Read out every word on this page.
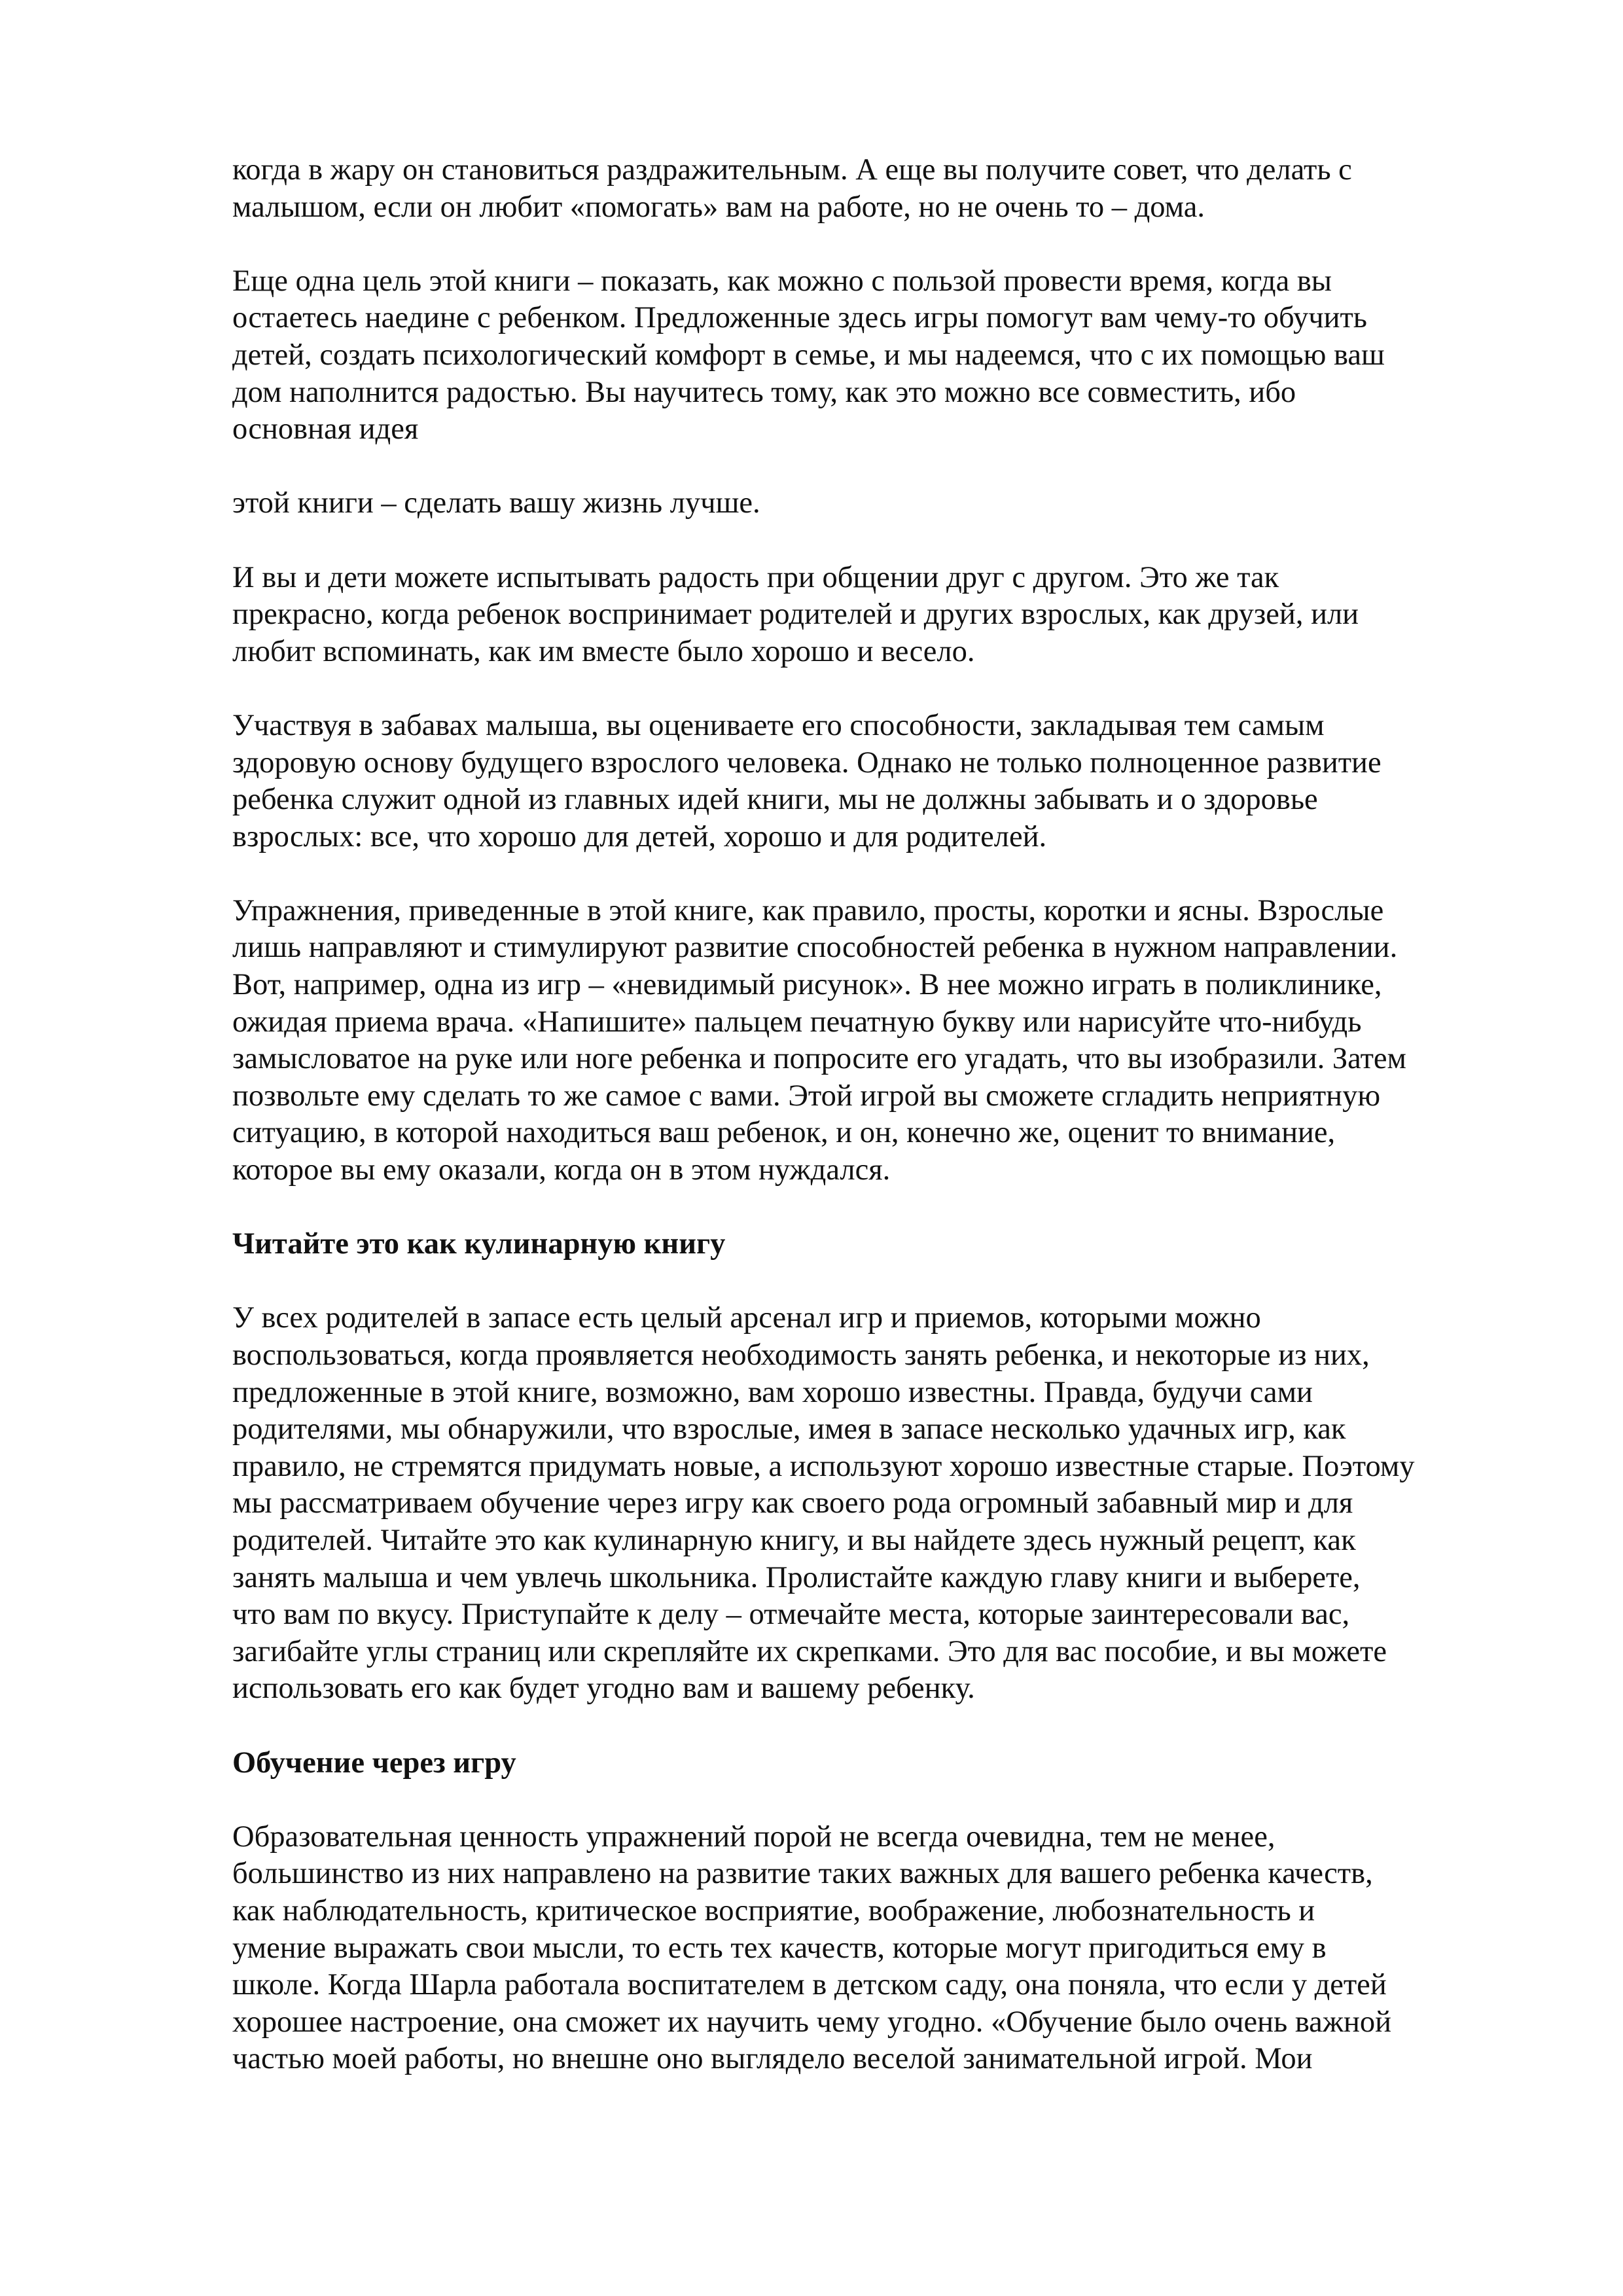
когда в жару он становиться раздражительным. А еще вы получите совет, что делать с
малышом, если он любит «помогать» вам на работе, но не очень то – дома.

Еще одна цель этой книги – показать, как можно с пользой провести время, когда вы
остаетесь наедине с ребенком. Предложенные здесь игры помогут вам чему-то обучить
детей, создать психологический комфорт в семье, и мы надеемся, что с их помощью ваш
дом наполнится радостью. Вы научитесь тому, как это можно все совместить, ибо
основная идея

этой книги – сделать вашу жизнь лучше.

И вы и дети можете испытывать радость при общении друг с другом. Это же так
прекрасно, когда ребенок воспринимает родителей и других взрослых, как друзей, или
любит вспоминать, как им вместе было хорошо и весело.

Участвуя в забавах малыша, вы оцениваете его способности, закладывая тем самым
здоровую основу будущего взрослого человека. Однако не только полноценное развитие
ребенка служит одной из главных идей книги, мы не должны забывать и о здоровье
взрослых: все, что хорошо для детей, хорошо и для родителей.

Упражнения, приведенные в этой книге, как правило, просты, коротки и ясны. Взрослые
лишь направляют и стимулируют развитие способностей ребенка в нужном направлении.
Вот, например, одна из игр – «невидимый рисунок». В нее можно играть в поликлинике,
ожидая приема врача. «Напишите» пальцем печатную букву или нарисуйте что-нибудь
замысловатое на руке или ноге ребенка и попросите его угадать, что вы изобразили. Затем
позвольте ему сделать то же самое с вами. Этой игрой вы сможете сгладить неприятную
ситуацию, в которой находиться ваш ребенок, и он, конечно же, оценит то внимание,
которое вы ему оказали, когда он в этом нуждался.

Читайте это как кулинарную книгу

У всех родителей в запасе есть целый арсенал игр и приемов, которыми можно
воспользоваться, когда проявляется необходимость занять ребенка, и некоторые из них,
предложенные в этой книге, возможно, вам хорошо известны. Правда, будучи сами
родителями, мы обнаружили, что взрослые, имея в запасе несколько удачных игр, как
правило, не стремятся придумать новые, а используют хорошо известные старые. Поэтому
мы рассматриваем обучение через игру как своего рода огромный забавный мир и для
родителей. Читайте это как кулинарную книгу, и вы найдете здесь нужный рецепт, как
занять малыша и чем увлечь школьника. Пролистайте каждую главу книги и выберете,
что вам по вкусу. Приступайте к делу – отмечайте места, которые заинтересовали вас,
загибайте углы страниц или скрепляйте их скрепками. Это для вас пособие, и вы можете
использовать его как будет угодно вам и вашему ребенку.

Обучение через игру

Образовательная ценность упражнений порой не всегда очевидна, тем не менее,
большинство из них направлено на развитие таких важных для вашего ребенка качеств,
как наблюдательность, критическое восприятие, воображение, любознательность и
умение выражать свои мысли, то есть тех качеств, которые могут пригодиться ему в
школе. Когда Шарла работала воспитателем в детском саду, она поняла, что если у детей
хорошее настроение, она сможет их научить чему угодно. «Обучение было очень важной
частью моей работы, но внешне оно выглядело веселой занимательной игрой. Мои
